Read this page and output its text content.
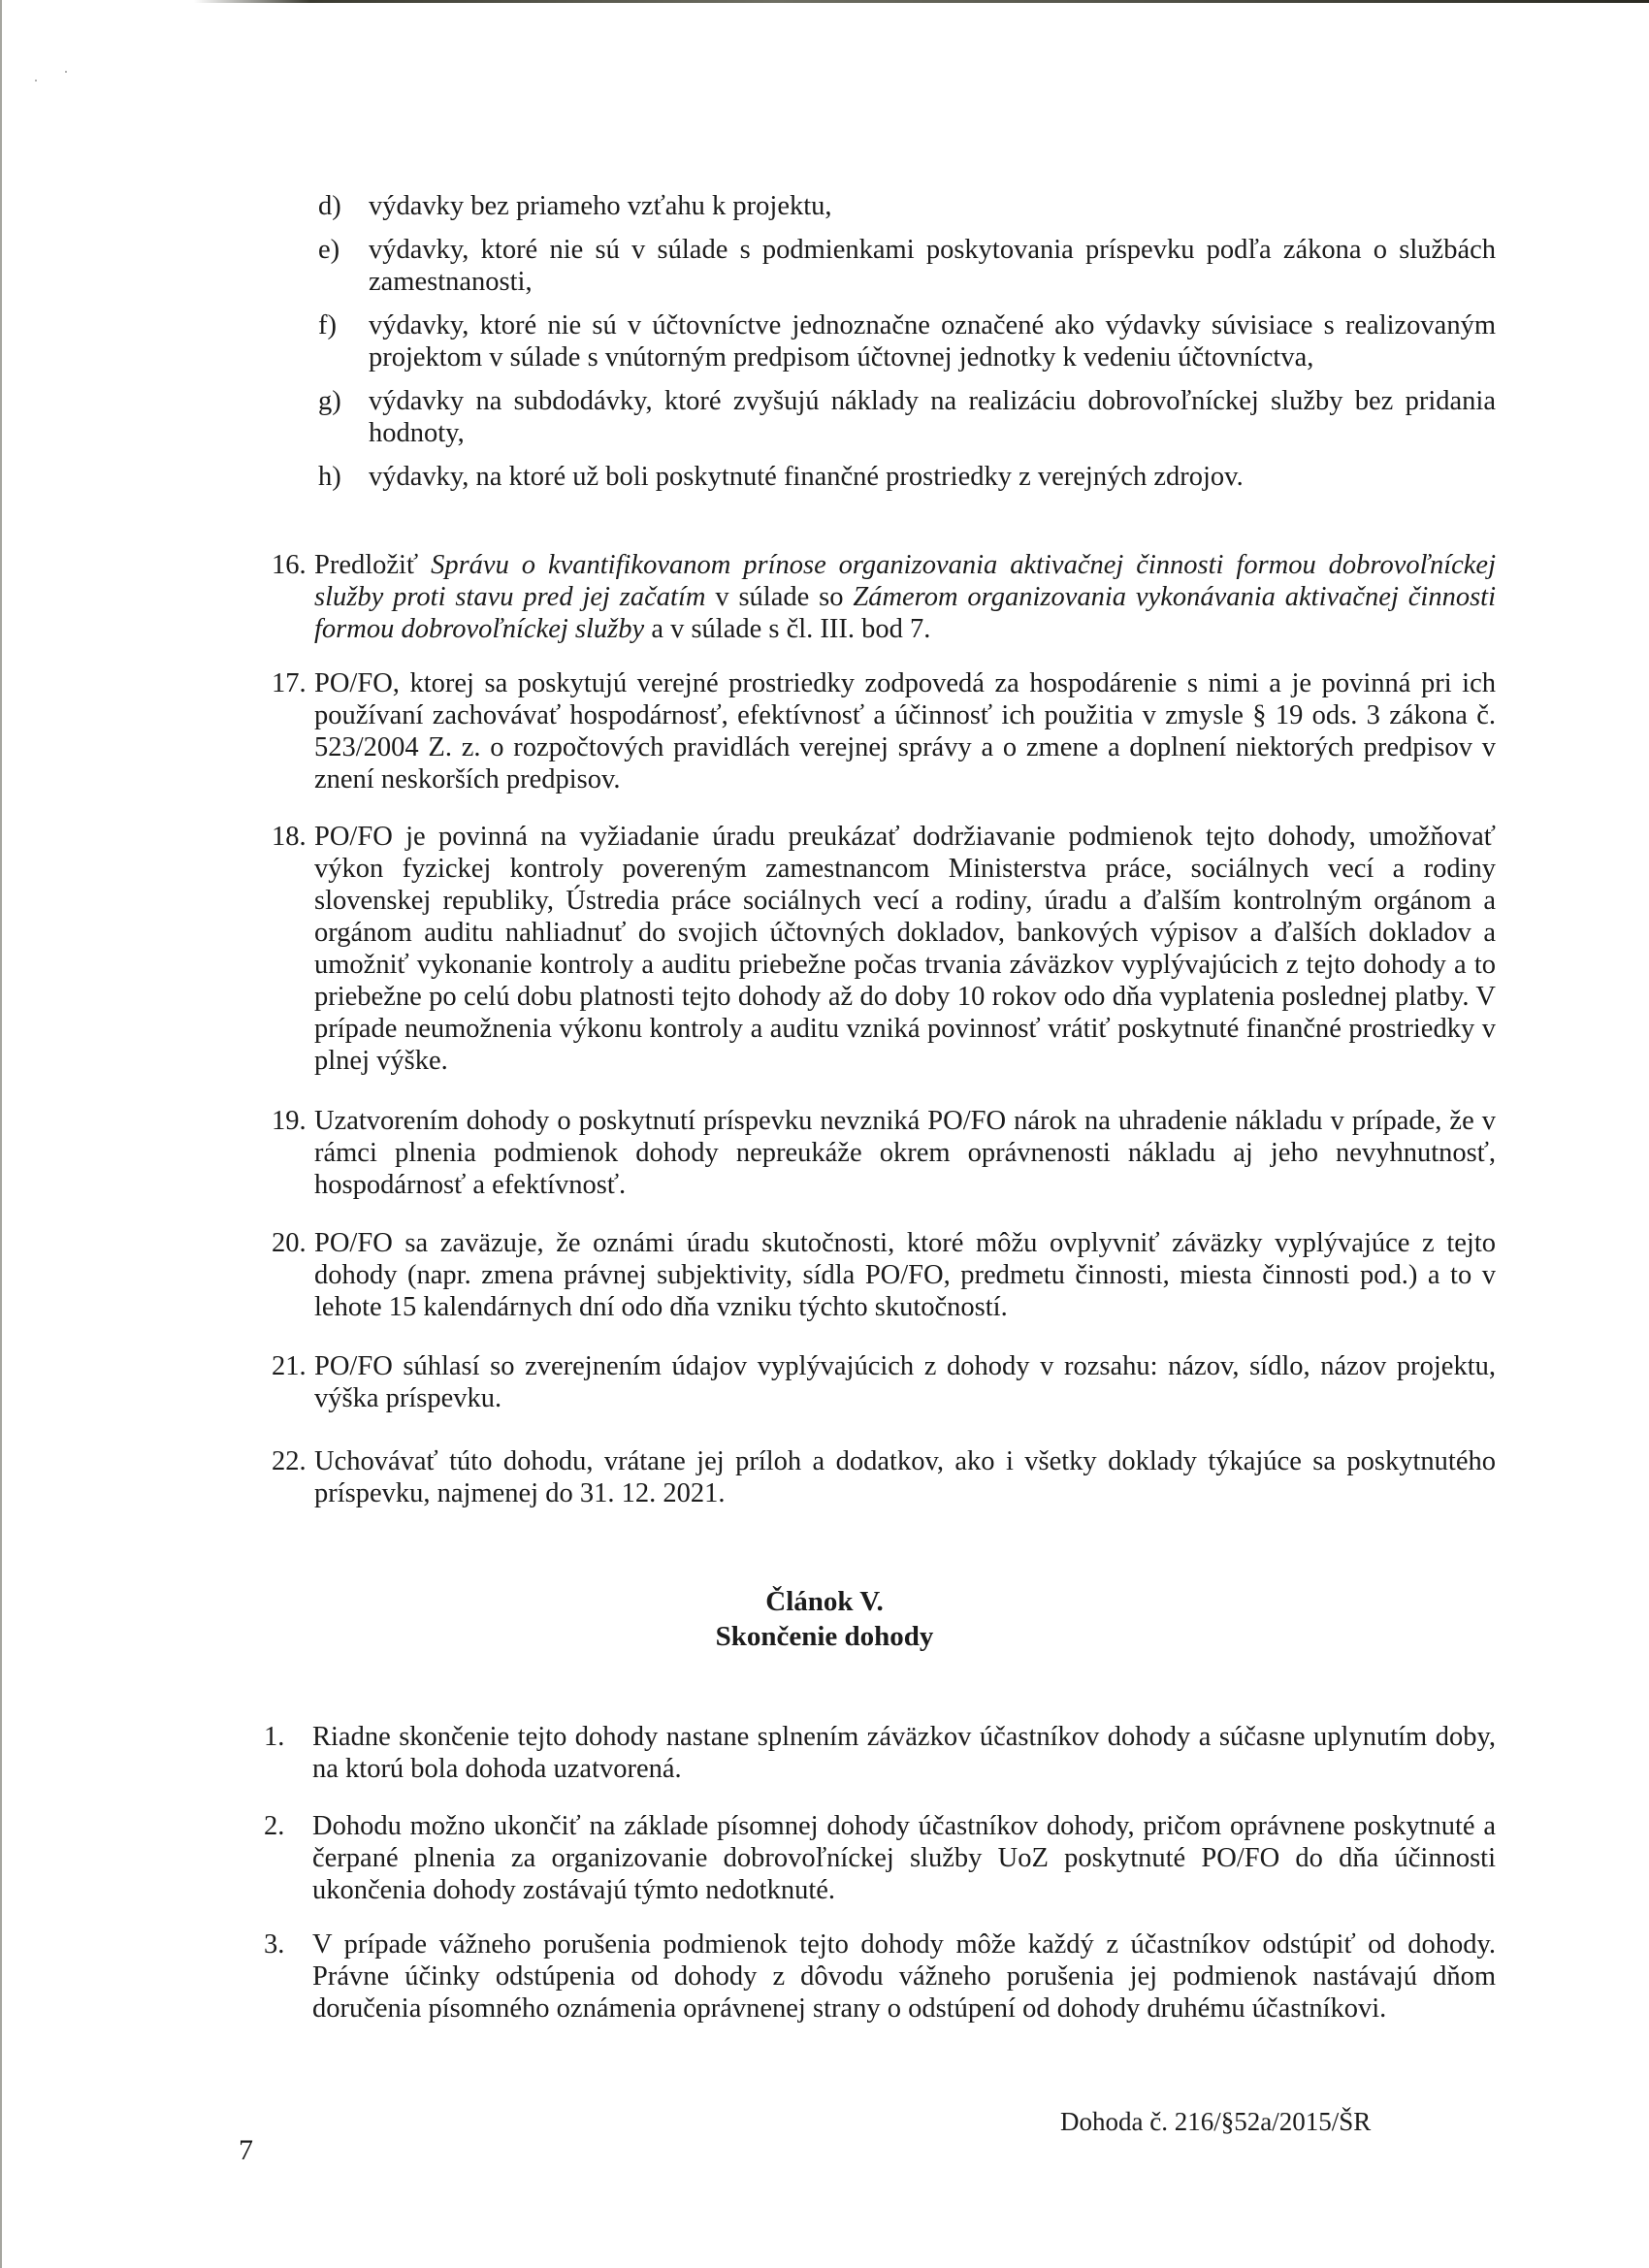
d) výdavky bez priameho vzťahu k projektu,
e) výdavky, ktoré nie sú v súlade s podmienkami poskytovania príspevku podľa zákona o službách zamestnanosti,
f) výdavky, ktoré nie sú v účtovníctve jednoznačne označené ako výdavky súvisiace s realizovaným projektom v súlade s vnútorným predpisom účtovnej jednotky k vedeniu účtovníctva,
g) výdavky na subdodávky, ktoré zvyšujú náklady na realizáciu dobrovoľníckej služby bez pridania hodnoty,
h) výdavky, na ktoré už boli poskytnuté finančné prostriedky z verejných zdrojov.
16. Predložiť Správu o kvantifikovanom prínose organizovania aktivačnej činnosti formou dobrovoľníckej služby proti stavu pred jej začatím v súlade so Zámerom organizovania vykonávania aktivačnej činnosti formou dobrovoľníckej služby a v súlade s čl. III. bod 7.
17. PO/FO, ktorej sa poskytujú verejné prostriedky zodpovedá za hospodárenie s nimi a je povinná pri ich používaní zachovávať hospodárnosť, efektívnosť a účinnosť ich použitia v zmysle § 19 ods. 3 zákona č. 523/2004 Z. z. o rozpočtových pravidlách verejnej správy a o zmene a doplnení niektorých predpisov v znení neskorších predpisov.
18. PO/FO je povinná na vyžiadanie úradu preukázať dodržiavanie podmienok tejto dohody, umožňovať výkon fyzickej kontroly povereným zamestnancom Ministerstva práce, sociálnych vecí a rodiny slovenskej republiky, Ústredia práce sociálnych vecí a rodiny, úradu a ďalším kontrolným orgánom a orgánom auditu nahliadnuť do svojich účtovných dokladov, bankových výpisov a ďalších dokladov a umožniť vykonanie kontroly a auditu priebežne počas trvania záväzkov vyplývajúcich z tejto dohody a to priebežne po celú dobu platnosti tejto dohody až do doby 10 rokov odo dňa vyplatenia poslednej platby. V prípade neumožnenia výkonu kontroly a auditu vzniká povinnosť vrátiť poskytnuté finančné prostriedky v plnej výške.
19. Uzatvorením dohody o poskytnutí príspevku nevzniká PO/FO nárok na uhradenie nákladu v prípade, že v rámci plnenia podmienok dohody nepreukáže okrem oprávnenosti nákladu aj jeho nevyhnutnosť, hospodárnosť a efektívnosť.
20. PO/FO sa zaväzuje, že oznámi úradu skutočnosti, ktoré môžu ovplyvniť záväzky vyplývajúce z tejto dohody (napr. zmena právnej subjektivity, sídla PO/FO, predmetu činnosti, miesta činnosti pod.) a to v lehote 15 kalendárnych dní odo dňa vzniku týchto skutočností.
21. PO/FO súhlasí so zverejnením údajov vyplývajúcich z dohody v rozsahu: názov, sídlo, názov projektu, výška príspevku.
22. Uchovávať túto dohodu, vrátane jej príloh a dodatkov, ako i všetky doklady týkajúce sa poskytnutého príspevku, najmenej do 31. 12. 2021.
Článok V.
Skončenie dohody
1. Riadne skončenie tejto dohody nastane splnením záväzkov účastníkov dohody a súčasne uplynutím doby, na ktorú bola dohoda uzatvorená.
2. Dohodu možno ukončiť na základe písomnej dohody účastníkov dohody, pričom oprávnene poskytnuté a čerpané plnenia za organizovanie dobrovoľníckej služby UoZ poskytnuté PO/FO do dňa účinnosti ukončenia dohody zostávajú týmto nedotknuté.
3. V prípade vážneho porušenia podmienok tejto dohody môže každý z účastníkov odstúpiť od dohody. Právne účinky odstúpenia od dohody z dôvodu vážneho porušenia jej podmienok nastávajú dňom doručenia písomného oznámenia oprávnenej strany o odstúpení od dohody druhému účastníkovi.
7
Dohoda č. 216/§52a/2015/ŠR
